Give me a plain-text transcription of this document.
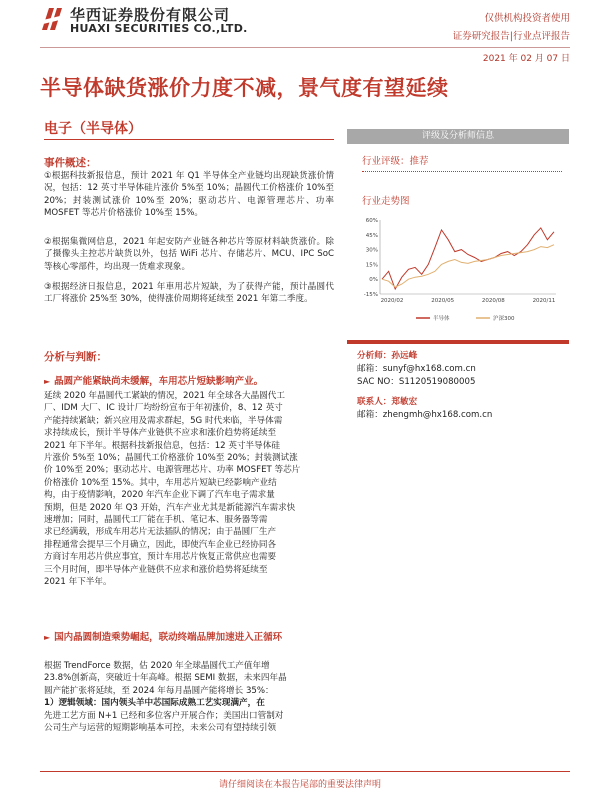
华西证券股份有限公司
HUAXI SECURITIES CO.,LTD.
仅供机构投资者使用
证券研究报告|行业点评报告
2021 年 02 月 07 日
半导体缺货涨价力度不减，景气度有望延续
电子（半导体）
事件概述：
①根据科技新报信息，预计 2021 年 Q1 半导体全产业链均出现缺货涨价情况，包括：12 英寸半导体硅片涨价 5%至 10%；晶圆代工价格涨价 10%至 20%；封装测试涨价 10%至 20%；驱动芯片、电源管理芯片、功率 MOSFET 等芯片价格涨价 10%至 15%。
②根据集微网信息，2021 年起安防产业链各种芯片等原材料缺货涨价。除了摄像头主控芯片缺货以外，包括 WiFi 芯片、存储芯片、MCU、IPC SoC 等核心零部件，均出现一货难求现象。
③根据经济日报信息，2021 年車用芯片短缺，为了获得产能，预计晶圆代工厂将涨价 25%至 30%，使得涨价周期将延续至 2021 年第二季度。
分析与判断：
► 晶圆产能紧缺尚未缓解，车用芯片短缺影响产业。
延续 2020 年晶圆代工紧缺的情况，2021 年全球各大晶圆代工
厂、IDM 大厂、IC 设计厂均纷纷宣布于年初涨价，8、12 英寸
产能持续紧缺；新兴应用及需求群起，5G 时代来临，半导体需
求持续成长，预计半导体产业链供不应求和涨价趋势将延续至
2021 年下半年。根据科技新报信息，包括：12 英寸半导体硅
片涨价 5%至 10%；晶圆代工价格涨价 10%至 20%；封装测试涨
价 10%至 20%；驱动芯片、电源管理芯片、功率 MOSFET 等芯片
价格涨价 10%至 15%。其中，车用芯片短缺已经影响产业结
构，由于疫情影响，2020 年汽车企业下调了汽车电子需求量
预期，但是 2020 年 Q3 开始，汽车产业尤其是新能源汽车需求快
速增加；同时，晶圆代工厂能在手机、笔记本、服务器等需
求已经满载，形成车用芯片无法插队的情况；由于晶圆厂生产
排程通常会提早三个月确立，因此，即使汽车企业已经协同各
方商讨车用芯片供应事宜，预计车用芯片恢复正常供应也需要
三个月时间，即半导体产业链供不应求和涨价趋势将延续至
2021 年下半年。
► 国内晶圆制造乘势崛起，联动终端品牌加速进入正循环
根据 TrendForce 数据，估 2020 年全球晶圆代工产值年增
23.8%创新高，突破近十年高峰。根据 SEMI 数据，未来四年晶
圆产能扩张将延续，至 2024 年每月晶圆产能将增长 35%：
1）逻辑领域：国内领头羊中芯国际成熟工艺实现满产，在
先进工艺方面 N+1 已经和多位客户开展合作；美国出口管制对
公司生产与运营的短期影响基本可控，未来公司有望持续引领
评级及分析师信息
行业评级：推荐
行业走势图
60%
45%
30%
15%
0%
-15%
2020/02	2020/05	2020/08	2020/11
半导体	沪深300
分析师：孙远峰
邮箱：sunyf@hx168.com.cn
SAC NO：S1120519080005
联系人：郑敏宏
邮箱：zhengmh@hx168.com.cn
请仔细阅读在本报告尾部的重要法律声明
